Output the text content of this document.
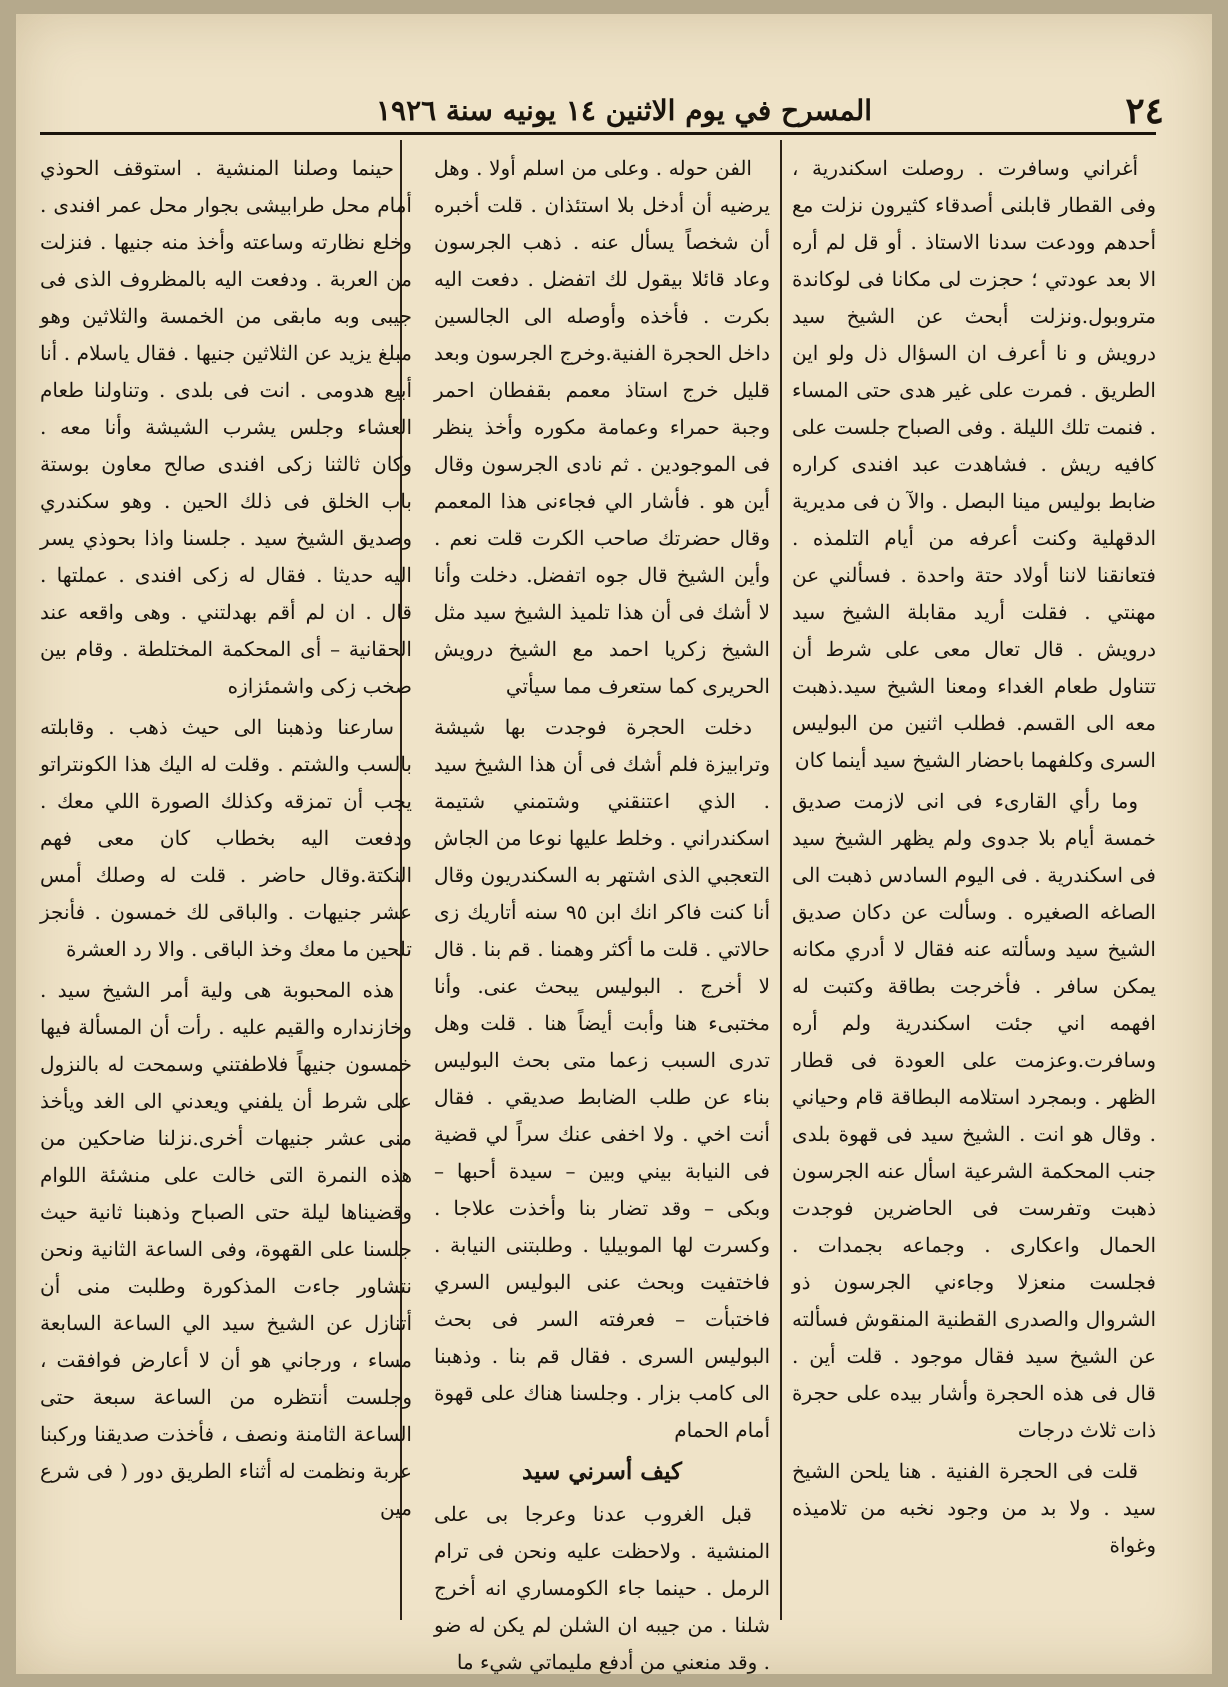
٢٤
المسرح في يوم الاثنين ١٤ يونيه سنة ١٩٢٦

أغراني وسافرت . روصلت اسكندرية ، وفى القطار قابلنى أصدقاء كثيرون نزلت مع أحدهم وودعت سدنا الاستاذ . أو قل لم أره الا بعد عودتي ؛ حجزت لى مكانا فى لوكاندة متروبول.ونزلت أبحث عن الشيخ سيد درويش و نا أعرف ان السؤال ذل ولو اين الطريق . فمرت على غير هدى حتى المساء . فنمت تلك الليلة . وفى الصباح جلست على كافيه ريش . فشاهدت عبد افندى كراره ضابط بوليس مينا البصل . والآ ن فى مديرية الدقهلية وكنت أعرفه من أيام التلمذه . فتعانقنا لاننا أولاد حتة واحدة . فسألني عن مهنتي . فقلت أريد مقابلة الشيخ سيد درويش . قال تعال معى على شرط أن تتناول طعام الغداء ومعنا الشيخ سيد.ذهبت معه الى القسم. فطلب اثنين من البوليس السرى وكلفهما باحضار الشيخ سيد أينما كان

وما رأي القارىء فى انى لازمت صديق خمسة أيام بلا جدوى ولم يظهر الشيخ سيد فى اسكندرية . فى اليوم السادس ذهبت الى الصاغه الصغيره . وسألت عن دكان صديق الشيخ سيد وسألته عنه فقال لا أدري مكانه يمكن سافر . فأخرجت بطاقة وكتبت له افهمه اني جئت اسكندرية ولم أره وسافرت.وعزمت على العودة فى قطار الظهر . وبمجرد استلامه البطاقة قام وحياني . وقال هو انت . الشيخ سيد فى قهوة بلدى جنب المحكمة الشرعية اسأل عنه الجرسون ذهبت وتفرست فى الحاضرين فوجدت الحمال واعكارى . وجماعه بجمدات . فجلست منعزلا وجاءني الجرسون ذو الشروال والصدرى القطنية المنقوش فسألته عن الشيخ سيد فقال موجود . قلت أين . قال فى هذه الحجرة وأشار بيده على حجرة ذات ثلاث درجات

قلت فى الحجرة الفنية . هنا يلحن الشيخ سيد . ولا بد من وجود نخبه من تلاميذه وغواة

الفن حوله . وعلى من اسلم أولا . وهل يرضيه أن أدخل بلا استئذان . قلت أخبره أن شخصاً يسأل عنه . ذهب الجرسون وعاد قائلا بيقول لك اتفضل . دفعت اليه بكرت . فأخذه وأوصله الى الجالسين داخل الحجرة الفنية.وخرج الجرسون وبعد قليل خرج استاذ معمم بقفطان احمر وجبة حمراء وعمامة مكوره وأخذ ينظر فى الموجودين . ثم نادى الجرسون وقال أين هو . فأشار الي فجاءنى هذا المعمم وقال حضرتك صاحب الكرت قلت نعم . وأين الشيخ قال جوه اتفضل. دخلت وأنا لا أشك فى أن هذا تلميذ الشيخ سيد مثل الشيخ زكريا احمد مع الشيخ درويش الحريرى كما ستعرف مما سيأتي

دخلت الحجرة فوجدت بها شيشة وترابيزة فلم أشك فى أن هذا الشيخ سيد . الذي اعتنقني وشتمني شتيمة اسكندراني . وخلط عليها نوعا من الجاش التعجبي الذى اشتهر به السكندريون وقال أنا كنت فاكر انك ابن ٩٥ سنه أتاريك زى حالاتي . قلت ما أكثر وهمنا . قم بنا . قال لا أخرج . البوليس يبحث عنى. وأنا مختبىء هنا وأبت أيضاً هنا . قلت وهل تدرى السبب زعما متى بحث البوليس بناء عن طلب الضابط صديقي . فقال أنت اخي . ولا اخفى عنك سراً لي قضية فى النيابة بيني وبين – سيدة أحبها – وبكى – وقد تضار بنا وأخذت علاجا . وكسرت لها الموبيليا . وطلبتنى النيابة . فاختفيت وبحث عنى البوليس السري فاختبأت – فعرفته السر فى بحث البوليس السرى . فقال قم بنا . وذهبنا الى كامب بزار . وجلسنا هناك على قهوة أمام الحمام

كيف أسرني سيد

قبل الغروب عدنا وعرجا بى على المنشية . ولاحظت عليه ونحن فى ترام الرمل . حينما جاء الكومساري انه أخرج شلنا . من جيبه ان الشلن لم يكن له ضو . وقد منعني من أدفع مليماتي شيء ما

حينما وصلنا المنشية . استوقف الحوذي أمام محل طرابيشى بجوار محل عمر افندى . وخلع نظارته وساعته وأخذ منه جنيها . فنزلت من العربة . ودفعت اليه بالمظروف الذى فى جيبى وبه مابقى من الخمسة والثلاثين وهو مبلغ يزيد عن الثلاثين جنيها . فقال ياسلام . أنا أبيع هدومى . انت فى بلدى . وتناولنا طعام العشاء وجلس يشرب الشيشة وأنا معه . وكان ثالثنا زكى افندى صالح معاون بوستة باب الخلق فى ذلك الحين . وهو سكندري وصديق الشيخ سيد . جلسنا واذا بحوذي يسر اليه حديثا . فقال له زكى افندى . عملتها . قال . ان لم أقم بهدلتني . وهى واقعه عند الحقانية – أى المحكمة المختلطة . وقام بين صخب زكى واشمئزازه

سارعنا وذهبنا الى حيث ذهب . وقابلته بالسب والشتم . وقلت له اليك هذا الكونتراتو يجب أن تمزقه وكذلك الصورة اللي معك . ودفعت اليه بخطاب كان معى فهم النكتة.وقال حاضر . قلت له وصلك أمس عشر جنيهات . والباقى لك خمسون . فأنجز تلحين ما معك وخذ الباقى . والا رد العشرة

هذه المحبوبة هى ولية أمر الشيخ سيد . وخازنداره والقيم عليه . رأت أن المسألة فيها خمسون جنيهاً فلاطفتني وسمحت له بالنزول على شرط أن يلفني ويعدني الى الغد ويأخذ منى عشر جنيهات أخرى.نزلنا ضاحكين من هذه النمرة التى خالت على منشئة اللوام وقضيناها ليلة حتى الصباح وذهبنا ثانية حيث جلسنا على القهوة، وفى الساعة الثانية ونحن نتشاور جاءت المذكورة وطلبت منى أن أتنازل عن الشيخ سيد الي الساعة السابعة مساء ، ورجاني هو أن لا أعارض فوافقت ، وجلست أنتظره من الساعة سبعة حتى الساعة الثامنة ونصف ، فأخذت صديقنا وركبنا عربة ونظمت له أثناء الطريق دور ( فى شرع مين
